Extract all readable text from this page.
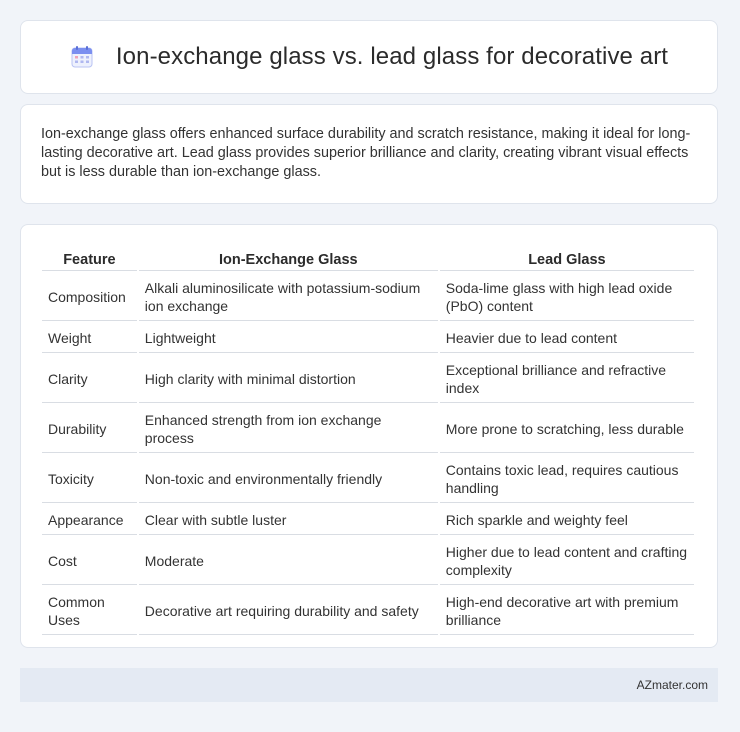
Ion-exchange glass vs. lead glass for decorative art

Ion-exchange glass offers enhanced surface durability and scratch resistance, making it ideal for long-lasting decorative art. Lead glass provides superior brilliance and clarity, creating vibrant visual effects but is less durable than ion-exchange glass.

Feature	Ion-Exchange Glass	Lead Glass
Composition	Alkali aluminosilicate with potassium-sodium ion exchange	Soda-lime glass with high lead oxide (PbO) content
Weight	Lightweight	Heavier due to lead content
Clarity	High clarity with minimal distortion	Exceptional brilliance and refractive index
Durability	Enhanced strength from ion exchange process	More prone to scratching, less durable
Toxicity	Non-toxic and environmentally friendly	Contains toxic lead, requires cautious handling
Appearance	Clear with subtle luster	Rich sparkle and weighty feel
Cost	Moderate	Higher due to lead content and crafting complexity
Common Uses	Decorative art requiring durability and safety	High-end decorative art with premium brilliance
AZmater.com
